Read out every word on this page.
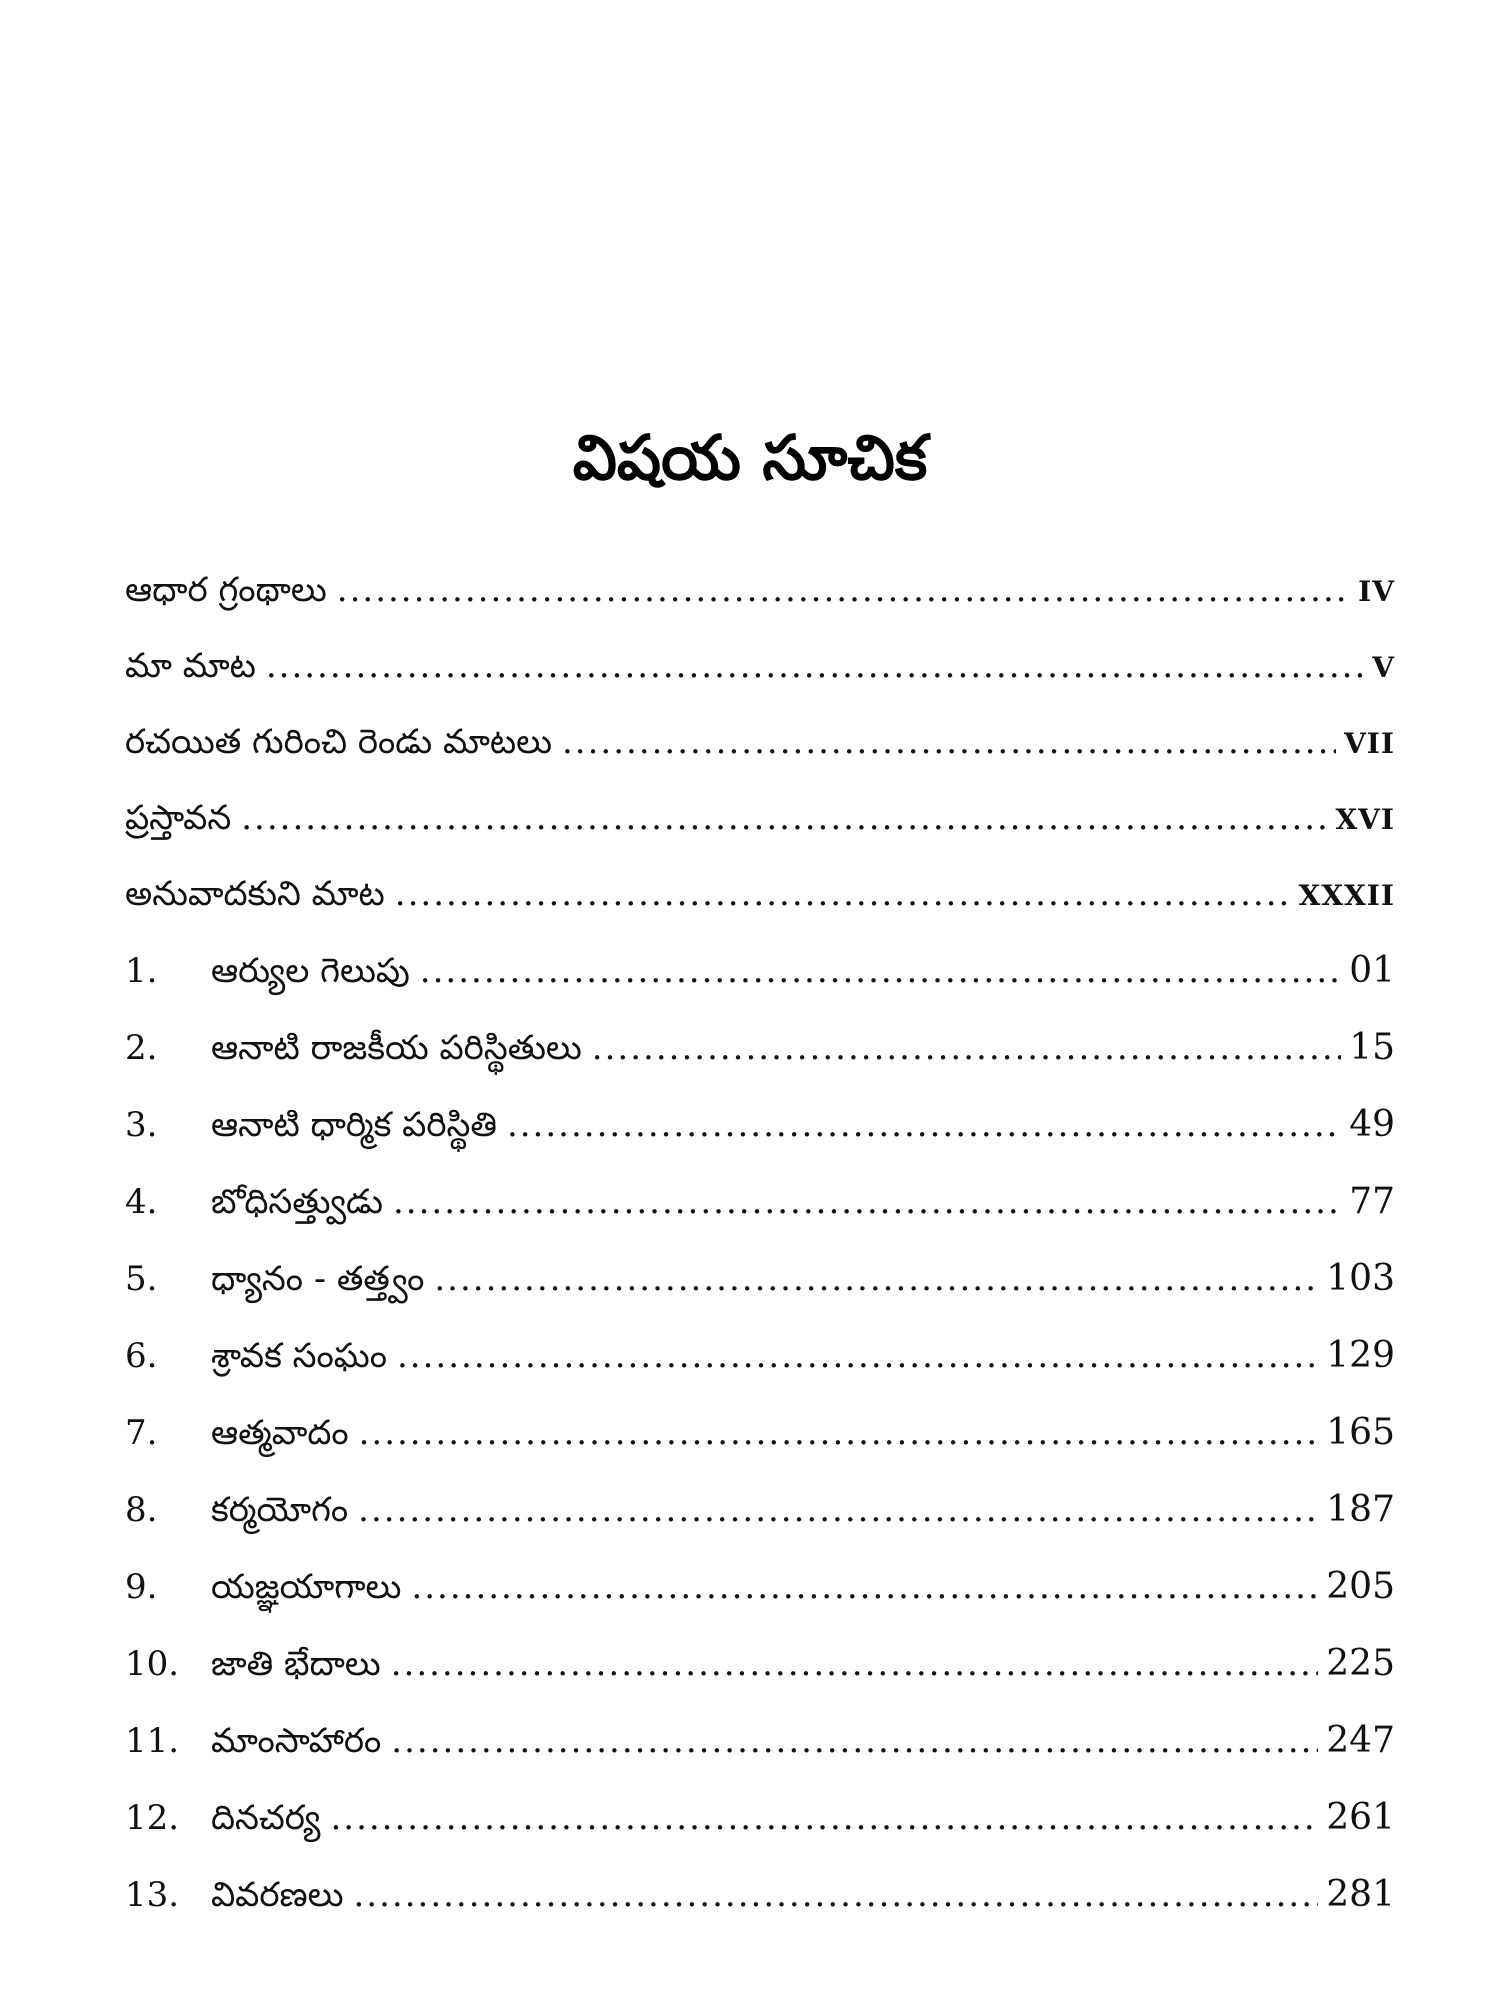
విషయ సూచిక
ఆధార గ్రంథాలు .....	IV
మా మాట .....	V
రచయిత గురించి రెండు మాటలు .....	VII
ప్రస్తావన .....	XVI
అనువాదకుని మాట .....	XXXII
1.	ఆర్యుల గెలుపు .....	01
2.	ఆనాటి రాజకీయ పరిస్థితులు .....	15
3.	ఆనాటి ధార్మిక పరిస్థితి .....	49
4.	బోధిసత్త్వుడు .....	77
5.	ధ్యానం - తత్త్వం .....	103
6.	శ్రావక సంఘం .....	129
7.	ఆత్మవాదం .....	165
8.	కర్మయోగం .....	187
9.	యజ్ఞయాగాలు .....	205
10. జాతి భేదాలు .....	225
11. మాంసాహారం .....	247
12. దినచర్య .....	261
13. వివరణలు .....	281
